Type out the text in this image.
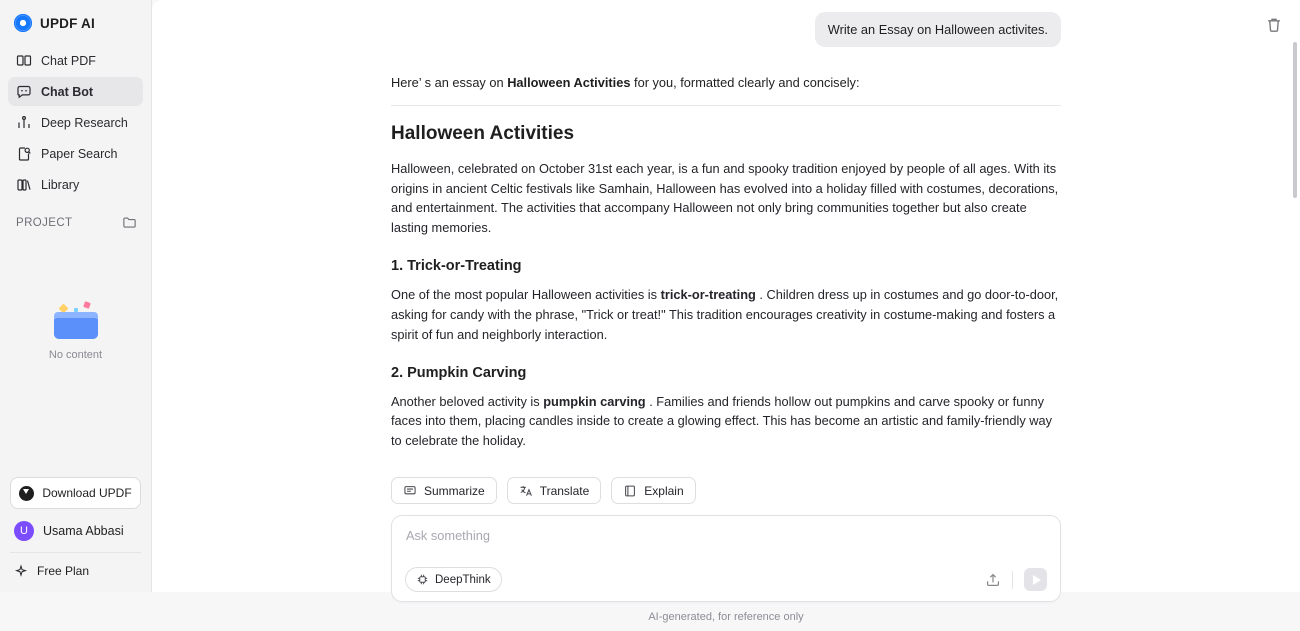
UPDF AI
Chat PDF
Chat Bot
Deep Research
Paper Search
Library
PROJECT
No content
Download UPDF
U	Usama Abbasi
Free Plan
Write an Essay on Halloween activites.
Here’ s an essay on Halloween Activities for you, formatted clearly and concisely:
Halloween Activities

Halloween, celebrated on October 31st each year, is a fun and spooky tradition enjoyed by people of all ages. With its origins in ancient Celtic festivals like Samhain, Halloween has evolved into a holiday filled with costumes, decorations, and entertainment. The activities that accompany Halloween not only bring communities together but also create lasting memories.

1. Trick-or-Treating

One of the most popular Halloween activities is trick-or-treating . Children dress up in costumes and go door-to-door, asking for candy with the phrase, "Trick or treat!" This tradition encourages creativity in costume-making and fosters a spirit of fun and neighborly interaction.

2. Pumpkin Carving

Another beloved activity is pumpkin carving . Families and friends hollow out pumpkins and carve spooky or funny faces into them, placing candles inside to create a glowing effect. This has become an artistic and family-friendly way to celebrate the holiday.

Summarize	Translate	Explain
Ask something
DeepThink
AI-generated, for reference only
